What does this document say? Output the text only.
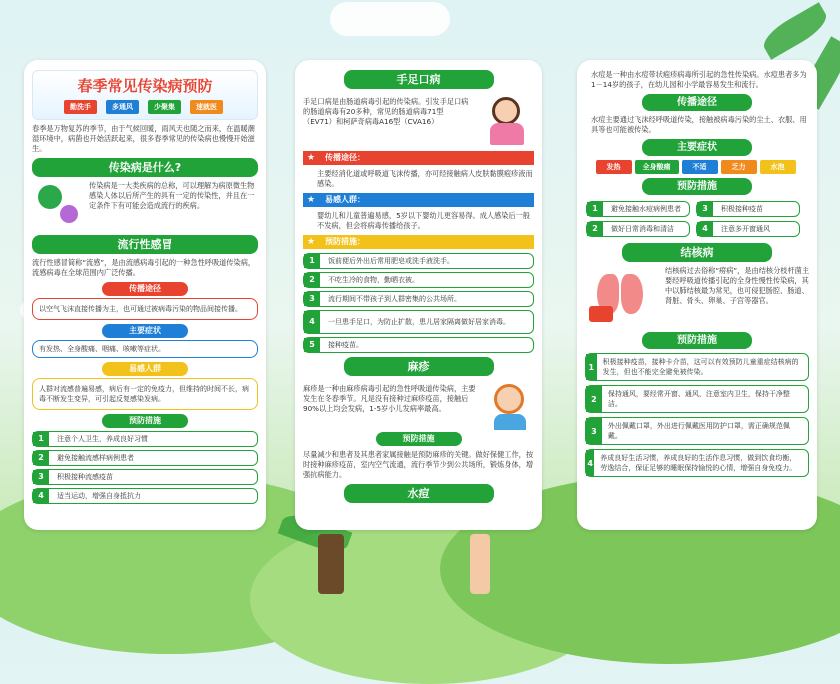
春季常见传染病预防
勤洗手	多通风	少聚集	速就医
春季是万物复苏的季节，由于气候回暖，雨风天也随之而来，在温暖潮湿环境中，病菌也开始活跃起来，很多春季常见的传染病也慢慢开始滋生。
传染病是什么?
传染病是一大类疾病的总称，可以理解为病原微生物感染人体以后所产生的具有一定的传染性，并且在一定条件下有可能会造成流行的疾病。
流行性感冒
流行性感冒简称“流感”，是由流感病毒引起的一种急性呼吸道传染病，流感病毒在全球范围内广泛传播。
传播途径
以空气飞沫直接传播为主，也可通过被病毒污染的物品间接传播。
主要症状
有发热、全身酸痛、咽痛、咳嗽等症状。
易感人群
人群对流感普遍易感，病后有一定的免疫力，但维持的时间不长，病毒不断发生变异，可引起反复感染发病。
预防措施
1	注意个人卫生，养成良好习惯
2	避免接触流感样病例患者
3	积极接种流感疫苗
4	适当运动，增强自身抵抗力
手足口病
手足口病是由肠道病毒引起的传染病。引发手足口病的肠道病毒有20多种，常见的肠道病毒71型（EV71）和柯萨奇病毒A16型（CVA16）
★	传播途径：
主要经消化道或呼吸道飞沫传播，亦可经接触病人皮肤黏膜疱疹液而感染。
★	易感人群：
婴幼儿和儿童普遍易感，5岁以下婴幼儿更容易得。成人感染后一般不发病，但会将病毒传播给孩子。
★	预防措施：
1	饭前便后外出后常用肥皂或洗手液洗手。
2	不吃生冷的食物，勤晒衣被。
3	流行期间不带孩子到人群密集的公共场所。
4	一旦患手足口，为防止扩散，患儿居家隔离做好居家消毒。
5	接种疫苗。
麻疹
麻疹是一种由麻疹病毒引起的急性呼吸道传染病，主要发生在冬春季节。凡是没有接种过麻疹疫苗，接触后90%以上均会发病，1-5岁小儿发病率最高。
预防措施
尽量减少和患者及其患者家属接触是预防麻疹的关键。做好保健工作，按时接种麻疹疫苗，室内空气流通，流行季节少到公共场所，锻炼身体，增强抗病能力。
水痘
水痘是一种由水痘带状疱疹病毒所引起的急性传染病。水痘患者多为1－14岁的孩子，在幼儿园和小学最容易发生和流行。
传播途径
水痘主要通过飞沫经呼吸道传染，接触被病毒污染的尘土、衣服、用具等也可能被传染。
主要症状
发热	全身酸痛	不适	乏力	水泡
预防措施
1	避免接触水痘病例患者	3	积极接种疫苗
2	做好日常消毒和清洁	4	注意多开窗通风
结核病
结核病过去俗称“痨病”，是由结核分枝杆菌主要经呼吸道传播引起的全身性慢性传染病，其中以肺结核最为常见，也可侵犯肠腔、肠道、肾脏、骨头、卵巢、子宫等器官。
预防措施
1
积极接种疫苗，接种卡介苗，这可以有效预防儿童重症结核病的发生，但也不能完全避免被传染。
2
保持通风，要经常开窗、通风，注意室内卫生，保持干净整洁。
3
外出佩戴口罩，外出进行佩戴医用防护口罩，需正确规范佩戴。
4
养成良好生活习惯，养成良好的生活作息习惯，做到饮食均衡，劳逸结合，保证足够的睡眠保持愉悦的心情，增强自身免疫力。
